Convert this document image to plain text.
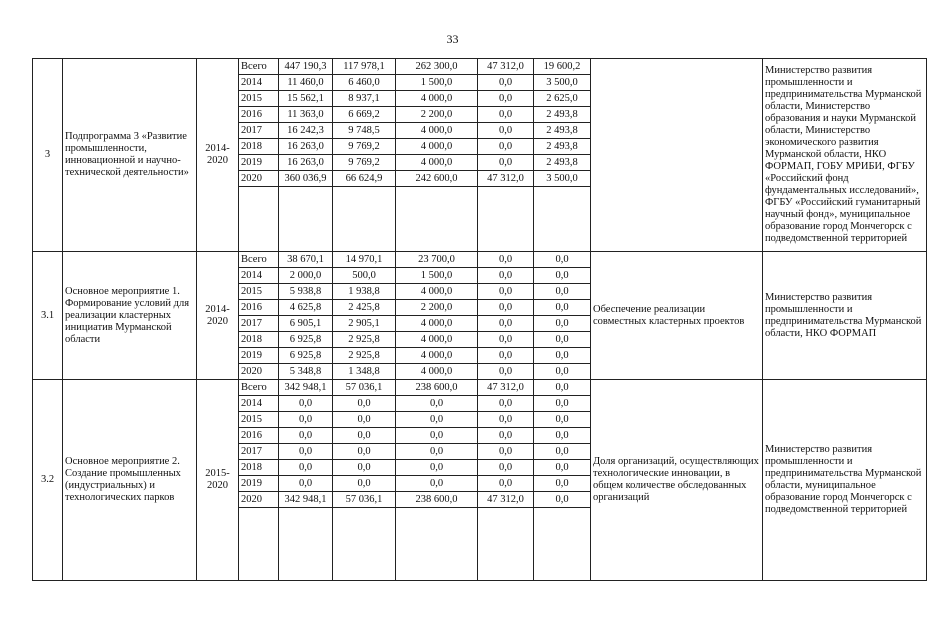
33
3	Подпрограмма 3 «Развитие промышленности, инновационной и научно-технической деятельности»	2014-2020	Всего	447 190,3	117 978,1	262 300,0	47 312,0	19 600,2		Министерство развития промышленности и предпринимательства Мурманской области, Министерство образования и науки Мурманской области, Министерство экономического развития Мурманской области, НКО ФОРМАП, ГОБУ МРИБИ, ФГБУ «Российский фонд фундаментальных исследований», ФГБУ «Российский гуманитарный научный фонд», муниципальное образование город Мончегорск с подведомственной территорией
			2014	11 460,0	6 460,0	1 500,0	0,0	3 500,0		
			2015	15 562,1	8 937,1	4 000,0	0,0	2 625,0		
			2016	11 363,0	6 669,2	2 200,0	0,0	2 493,8		
			2017	16 242,3	9 748,5	4 000,0	0,0	2 493,8		
			2018	16 263,0	9 769,2	4 000,0	0,0	2 493,8		
			2019	16 263,0	9 769,2	4 000,0	0,0	2 493,8		
			2020	360 036,9	66 624,9	242 600,0	47 312,0	3 500,0		

3.1	Основное мероприятие 1. Формирование условий для реализации кластерных инициатив Мурманской области	2014-2020	Всего	38 670,1	14 970,1	23 700,0	0,0	0,0	Обеспечение реализации совместных кластерных проектов	Министерство развития промышленности и предпринимательства Мурманской области, НКО ФОРМАП
			2014	2 000,0	500,0	1 500,0	0,0	0,0		
			2015	5 938,8	1 938,8	4 000,0	0,0	0,0		
			2016	4 625,8	2 425,8	2 200,0	0,0	0,0		
			2017	6 905,1	2 905,1	4 000,0	0,0	0,0		
			2018	6 925,8	2 925,8	4 000,0	0,0	0,0		
			2019	6 925,8	2 925,8	4 000,0	0,0	0,0		
			2020	5 348,8	1 348,8	4 000,0	0,0	0,0		
3.2	Основное мероприятие 2. Создание промышленных (индустриальных) и технологических парков	2015-2020	Всего	342 948,1	57 036,1	238 600,0	47 312,0	0,0	Доля организаций, осуществляющих технологические инновации, в общем количестве обследованных организаций	Министерство развития промышленности и предпринимательства Мурманской области, муниципальное образование город Мончегорск с подведомственной территорией
			2014	0,0	0,0	0,0	0,0	0,0		
			2015	0,0	0,0	0,0	0,0	0,0		
			2016	0,0	0,0	0,0	0,0	0,0		
			2017	0,0	0,0	0,0	0,0	0,0		
			2018	0,0	0,0	0,0	0,0	0,0		
			2019	0,0	0,0	0,0	0,0	0,0		
			2020	342 948,1	57 036,1	238 600,0	47 312,0	0,0		
